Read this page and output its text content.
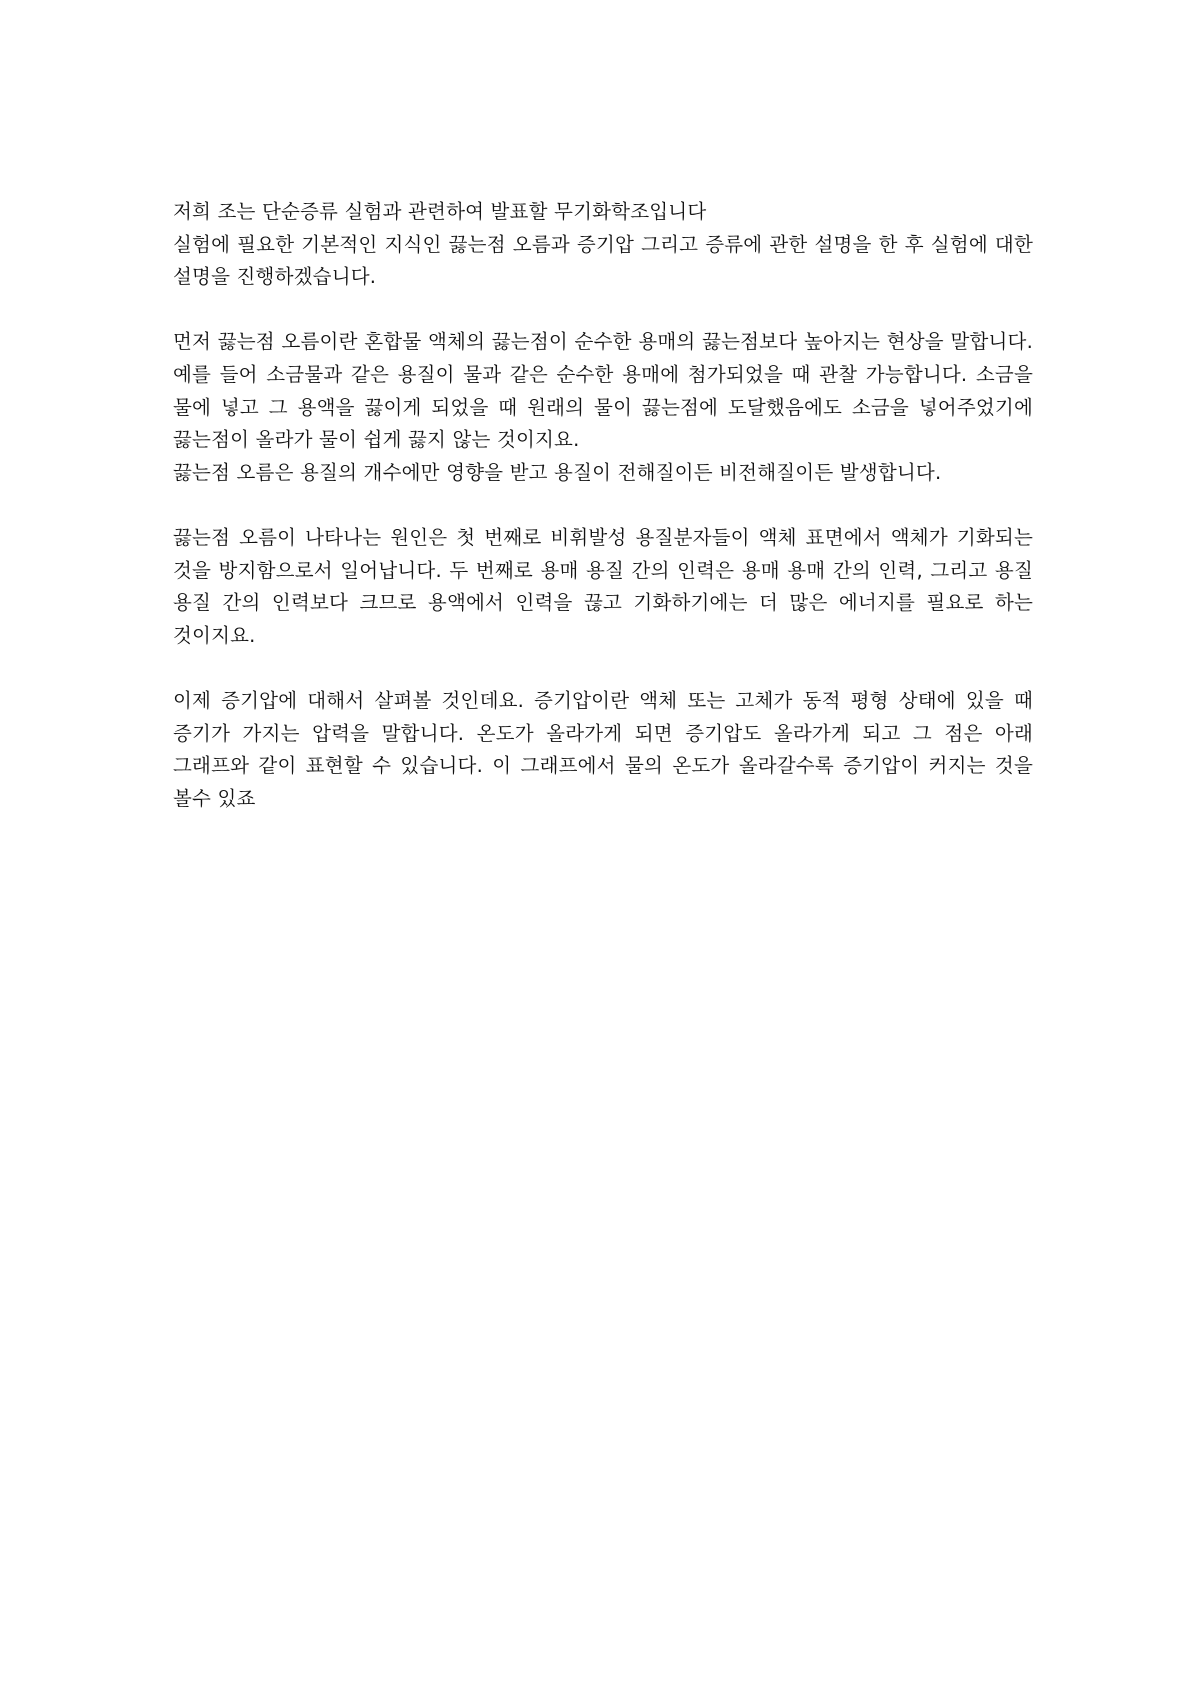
저희 조는 단순증류 실험과 관련하여 발표할 무기화학조입니다

실험에 필요한 기본적인 지식인 끓는점 오름과 증기압 그리고 증류에 관한 설명을 한 후 실험에 대한 설명을 진행하겠습니다.

먼저 끓는점 오름이란 혼합물 액체의 끓는점이 순수한 용매의 끓는점보다 높아지는 현상을 말합니다. 예를 들어 소금물과 같은 용질이 물과 같은 순수한 용매에 첨가되었을 때 관찰 가능합니다. 소금을 물에 넣고 그 용액을 끓이게 되었을 때 원래의 물이 끓는점에 도달했음에도 소금을 넣어주었기에 끓는점이 올라가 물이 쉽게 끓지 않는 것이지요.

끓는점 오름은 용질의 개수에만 영향을 받고 용질이 전해질이든 비전해질이든 발생합니다.

끓는점 오름이 나타나는 원인은 첫 번째로 비휘발성 용질분자들이 액체 표면에서 액체가 기화되는 것을 방지함으로서 일어납니다. 두 번째로 용매 용질 간의 인력은 용매 용매 간의 인력, 그리고 용질 용질 간의 인력보다 크므로 용액에서 인력을 끊고 기화하기에는 더 많은 에너지를 필요로 하는 것이지요.

이제 증기압에 대해서 살펴볼 것인데요. 증기압이란 액체 또는 고체가 동적 평형 상태에 있을 때 증기가 가지는 압력을 말합니다. 온도가 올라가게 되면 증기압도 올라가게 되고 그 점은 아래 그래프와 같이 표현할 수 있습니다. 이 그래프에서 물의 온도가 올라갈수록 증기압이 커지는 것을 볼수 있죠
